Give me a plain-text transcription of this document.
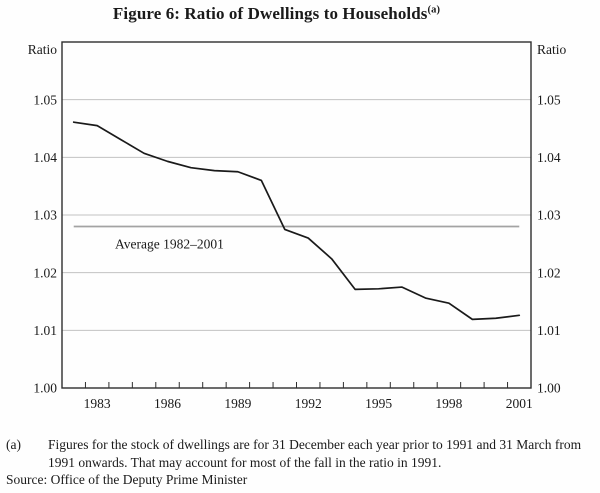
Figure 6: Ratio of Dwellings to Households$^{(a)}$
Average 1982–2001
1983	1986	1989	1992	1995	1998	2001
1.00	1.00
1.01	1.01
1.02	1.02
1.03	1.03
1.04	1.04
1.05	1.05
Ratio	Ratio
(a) Figures for the stock of dwellings are for 31 December each year prior to 1991 and 31 March from 1991 onwards. That may account for most of the fall in the ratio in 1991.
Source: Office of the Deputy Prime Minister
